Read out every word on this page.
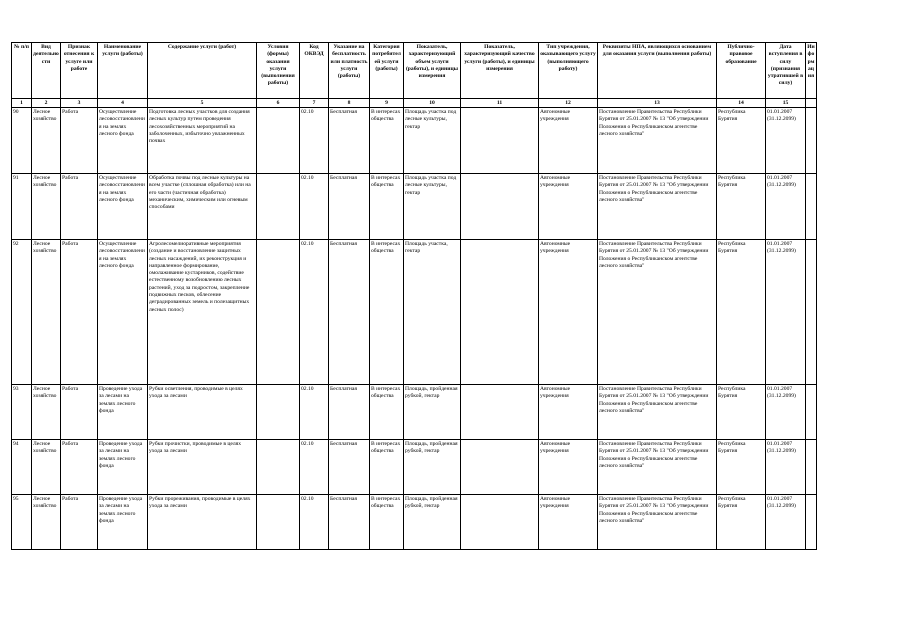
№ п/п	Вид деятельности	Признак отнесения к услуге или работе	Наименование услуги (работы)	Содержание услуги (работ)	Условия (формы) оказания услуги (выполнения работы)	Код ОКВЭД	Указание на бесплатность или платность услуги (работы)	Категория потребителей услуги (работы)	Показатель, характеризующий объем услуги (работы), и единицы измерения	Показатель, характеризующий качество услуги (работы), и единицы измерения	Тип учреждения, оказывающего услугу (выполняющего работу)	Реквизиты НПА, являющихся основанием для оказания услуги (выполнения работы)	Публично-правовое образование	Дата вступления в силу (признания утратившей в силу)	Информация
1	2	3	4	5	6	7	8	9	10	11	12	13	14	15	
90	Лесное хозяйство	Работа	Осуществление лесовосстановления на землях лесного фонда	Подготовка лесных участков для создания лесных культур путем проведения лесохозяйственных мероприятий на заболоченных, избыточно увлажненных почвах		02.10	Бесплатная	В интересах общества	Площадь участка под лесные культуры, гектар		Автономные учреждения	Постановление Правительства Республики Бурятия от 25.01.2007 № 13 "Об утверждении Положения о Республиканском агентстве лесного хозяйства"	Республика Бурятия	01.01.2007 (31.12.2099)	
91	Лесное хозяйство	Работа	Осуществление лесовосстановления на землях лесного фонда	Обработка почвы под лесные культуры на всем участке (сплошная обработка) или на его части (частичная обработка) механическим, химическим или огневым способами		02.10	Бесплатная	В интересах общества	Площадь участка под лесные культуры, гектар		Автономные учреждения	Постановление Правительства Республики Бурятия от 25.01.2007 № 13 "Об утверждении Положения о Республиканском агентстве лесного хозяйства"	Республика Бурятия	01.01.2007 (31.12.2099)	
92	Лесное хозяйство	Работа	Осуществление лесовосстановления на землях лесного фонда	Агролесомелиоративные мероприятия (создание и восстановление защитных лесных насаждений, их реконструкция и направленное формирование, омолаживание кустарников, содействие естественному возобновлению лесных растений, уход за подростом, закрепление подвижных песков, облесение деградированных земель и полезащитных лесных полос)		02.10	Бесплатная	В интересах общества	Площадь участка, гектар		Автономные учреждения	Постановление Правительства Республики Бурятия от 25.01.2007 № 13 "Об утверждении Положения о Республиканском агентстве лесного хозяйства"	Республика Бурятия	01.01.2007 (31.12.2099)	
93	Лесное хозяйство	Работа	Проведение ухода за лесами на землях лесного фонда	Рубки осветления, проводимые в целях ухода за лесами		02.10	Бесплатная	В интересах общества	Площадь, пройденная рубкой, гектар		Автономные учреждения	Постановление Правительства Республики Бурятия от 25.01.2007 № 13 "Об утверждении Положения о Республиканском агентстве лесного хозяйства"	Республика Бурятия	01.01.2007 (31.12.2099)	
94	Лесное хозяйство	Работа	Проведение ухода за лесами на землях лесного фонда	Рубки прочистки, проводимые в целях ухода за лесами		02.10	Бесплатная	В интересах общества	Площадь, пройденная рубкой, гектар		Автономные учреждения	Постановление Правительства Республики Бурятия от 25.01.2007 № 13 "Об утверждении Положения о Республиканском агентстве лесного хозяйства"	Республика Бурятия	01.01.2007 (31.12.2099)	
95	Лесное хозяйство	Работа	Проведение ухода за лесами на землях лесного фонда	Рубки прореживания, проводимые в целях ухода за лесами		02.10	Бесплатная	В интересах общества	Площадь, пройденная рубкой, гектар		Автономные учреждения	Постановление Правительства Республики Бурятия от 25.01.2007 № 13 "Об утверждении Положения о Республиканском агентстве лесного хозяйства"	Республика Бурятия	01.01.2007 (31.12.2099)	
